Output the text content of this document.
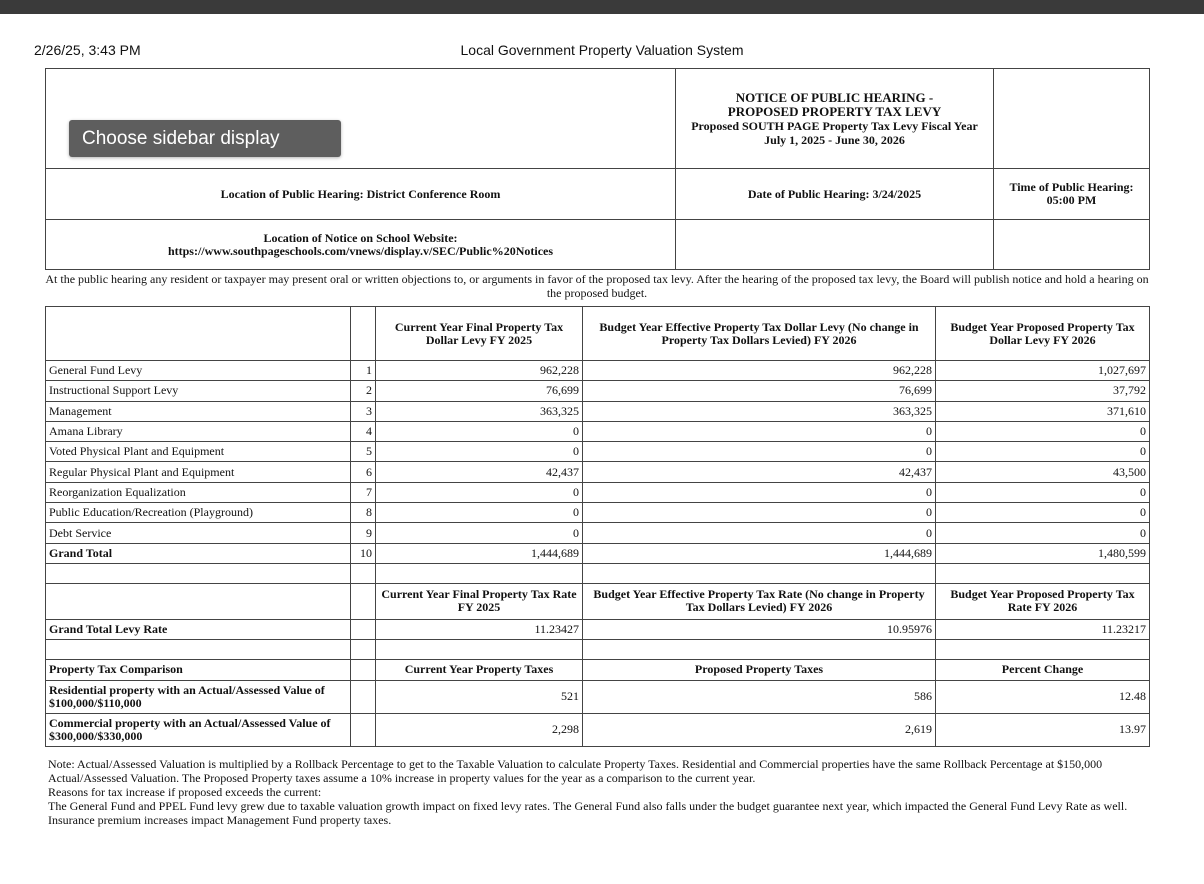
2/26/25, 3:43 PM	Local Government Property Valuation System

	NOTICE OF PUBLIC HEARING -
PROPOSED PROPERTY TAX LEVY
Proposed SOUTH PAGE Property Tax Levy Fiscal Year July 1, 2025 - June 30, 2026	

Location of Public Hearing: District Conference Room	Date of Public Hearing: 3/24/2025	Time of Public Hearing: 05:00 PM

Location of Notice on School Website:
https://www.southpageschools.com/vnews/display.v/SEC/Public%20Notices		

At the public hearing any resident or taxpayer may present oral or written objections to, or arguments in favor of the proposed tax levy. After the hearing of the proposed tax levy, the Board will publish notice and hold a hearing on the proposed budget.
		Current Year Final Property Tax Dollar Levy FY 2025	Budget Year Effective Property Tax Dollar Levy (No change in Property Tax Dollars Levied) FY 2026	Budget Year Proposed Property Tax Dollar Levy FY 2026
General Fund Levy	1	962,228	962,228	1,027,697
Instructional Support Levy	2	76,699	76,699	37,792
Management	3	363,325	363,325	371,610
Amana Library	4	0	0	0
Voted Physical Plant and Equipment	5	0	0	0
Regular Physical Plant and Equipment	6	42,437	42,437	43,500
Reorganization Equalization	7	0	0	0
Public Education/Recreation (Playground)	8	0	0	0
Debt Service	9	0	0	0
Grand Total	10	1,444,689	1,444,689	1,480,599

		Current Year Final Property Tax Rate FY 2025	Budget Year Effective Property Tax Rate (No change in Property Tax Dollars Levied) FY 2026	Budget Year Proposed Property Tax Rate FY 2026
Grand Total Levy Rate		11.23427	10.95976	11.23217

Property Tax Comparison		Current Year Property Taxes	Proposed Property Taxes	Percent Change
Residential property with an Actual/Assessed Value of $100,000/$110,000		521	586	12.48
Commercial property with an Actual/Assessed Value of $300,000/$330,000		2,298	2,619	13.97

Note: Actual/Assessed Valuation is multiplied by a Rollback Percentage to get to the Taxable Valuation to calculate Property Taxes. Residential and Commercial properties have the same Rollback Percentage at $150,000 Actual/Assessed Valuation. The Proposed Property taxes assume a 10% increase in property values for the year as a comparison to the current year.

Reasons for tax increase if proposed exceeds the current:

The General Fund and PPEL Fund levy grew due to taxable valuation growth impact on fixed levy rates. The General Fund also falls under the budget guarantee next year, which impacted the General Fund Levy Rate as well. Insurance premium increases impact Management Fund property taxes.

Choose sidebar display
